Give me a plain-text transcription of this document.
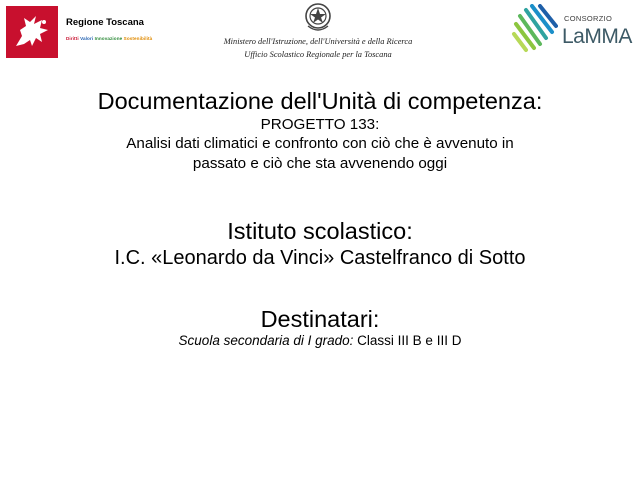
Regione Toscana
Diritti Valori Innovazione Sostenibilità	Ministero dell'Istruzione, dell'Università e della Ricerca
Ufficio Scolastico Regionale per la Toscana
CONSORZIO
LaMMA
Documentazione dell'Unità di competenza:
PROGETTO 133:
Analisi dati climatici e confronto con ciò che è avvenuto in
passato e ciò che sta avvenendo oggi
Istituto scolastico:
I.C. «Leonardo da Vinci» Castelfranco di Sotto
Destinatari:
Scuola secondaria di I grado: Classi III B e III D
